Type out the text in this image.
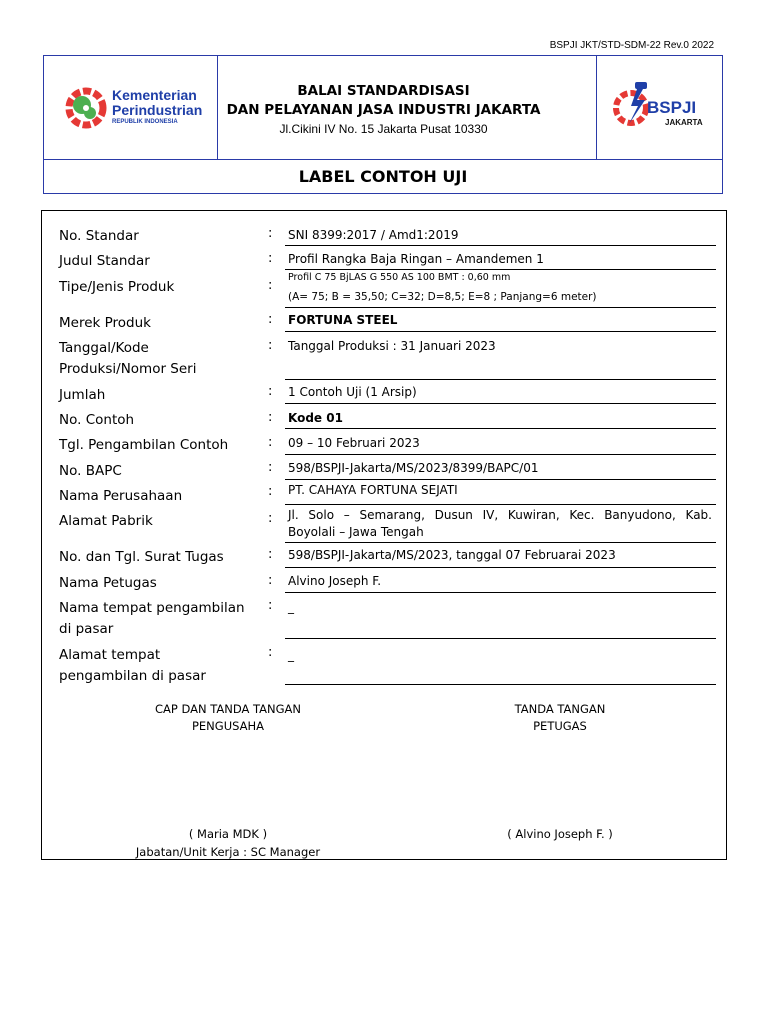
BSPJI JKT/STD-SDM-22 Rev.0 2022
Kementerian
Perindustrian
REPUBLIK INDONESIA
BSPJI
JAKARTA
BALAI STANDARDISASI
DAN PELAYANAN JASA INDUSTRI JAKARTA
Jl.Cikini IV No. 15 Jakarta Pusat 10330
LABEL CONTOH UJI
No. Standar	: SNI 8399:2017 / Amd1:2019
Judul Standar	: Profil Rangka Baja Ringan – Amandemen 1
Tipe/Jenis Produk	:
Profil C 75 BjLAS G 550 AS 100 BMT : 0,60 mm
(A= 75; B = 35,50; C=32; D=8,5; E=8 ; Panjang=6 meter)
Merek Produk	: FORTUNA STEEL
Tanggal/Kode
Produksi/Nomor Seri
: Tanggal Produksi : 31 Januari 2023
Jumlah	: 1 Contoh Uji (1 Arsip)
No. Contoh	: Kode 01
Tgl. Pengambilan Contoh	: 09 – 10 Februari 2023
No. BAPC	: 598/BSPJI-Jakarta/MS/2023/8399/BAPC/01
Nama Perusahaan	: PT. CAHAYA FORTUNA SEJATI
Alamat Pabrik	: Jl. Solo – Semarang, Dusun IV, Kuwiran, Kec. Banyudono, Kab.
Boyolali – Jawa Tengah
No. dan Tgl. Surat Tugas	: 598/BSPJI-Jakarta/MS/2023, tanggal 07 Februarai 2023
Nama Petugas	: Alvino Joseph F.
Nama tempat pengambilan
di pasar
: _
Alamat tempat
pengambilan di pasar
: _
CAP DAN TANDA TANGAN
PENGUSAHA
TANDA TANGAN
PETUGAS
( Maria MDK )
Jabatan/Unit Kerja : SC Manager
( Alvino Joseph F. )
